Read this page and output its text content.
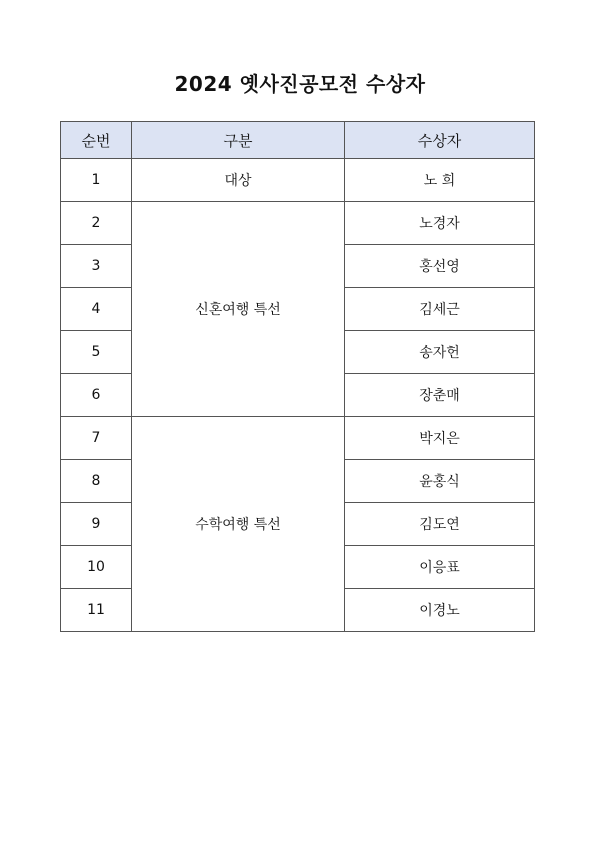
2024 옛사진공모전 수상자
순번	구분	수상자
1	대상	노 희
2	신혼여행 특선	노경자
3		홍선영
4		김세근
5		송자헌
6		장춘매
7	수학여행 특선	박지은
8		윤홍식
9		김도연
10		이응표
11		이경노
